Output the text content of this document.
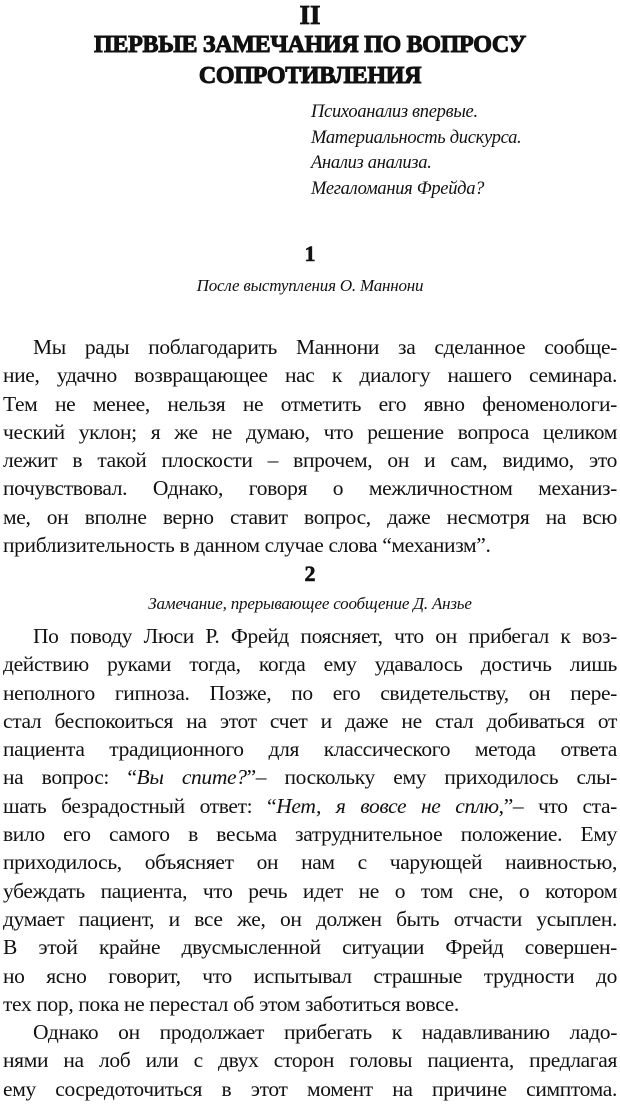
II
ПЕРВЫЕ ЗАМЕЧАНИЯ ПО ВОПРОСУ
СОПРОТИВЛЕНИЯ
Психоанализ впервые.
Материальность дискурса.
Анализ анализа.
Мегаломания Фрейда?
1
После выступления О. Маннони
Мы рады поблагодарить Маннони за сделанное сообще-
ние, удачно возвращающее нас к диалогу нашего семинара.
Тем не менее, нельзя не отметить его явно феноменологи-
ческий уклон; я же не думаю, что решение вопроса целиком
лежит в такой плоскости – впрочем, он и сам, видимо, это
почувствовал. Однако, говоря о межличностном механиз-
ме, он вполне верно ставит вопрос, даже несмотря на всю
приблизительность в данном случае слова “механизм”.
2
Замечание, прерывающее сообщение Д. Анзье
По поводу Люси Р. Фрейд поясняет, что он прибегал к воз-
действию руками тогда, когда ему удавалось достичь лишь
неполного гипноза. Позже, по его свидетельству, он пере-
стал беспокоиться на этот счет и даже не стал добиваться от
пациента традиционного для классического метода ответа
на вопрос: “Вы спите?”– поскольку ему приходилось слы-
шать безрадостный ответ: “Нет, я вовсе не сплю,”– что ста-
вило его самого в весьма затруднительное положение. Ему
приходилось, объясняет он нам с чарующей наивностью,
убеждать пациента, что речь идет не о том сне, о котором
думает пациент, и все же, он должен быть отчасти усыплен.
В этой крайне двусмысленной ситуации Фрейд совершен-
но ясно говорит, что испытывал страшные трудности до
тех пор, пока не перестал об этом заботиться вовсе.
Однако он продолжает прибегать к надавливанию ладо-
нями на лоб или с двух сторон головы пациента, предлагая
ему сосредоточиться в этот момент на причине симптома.
